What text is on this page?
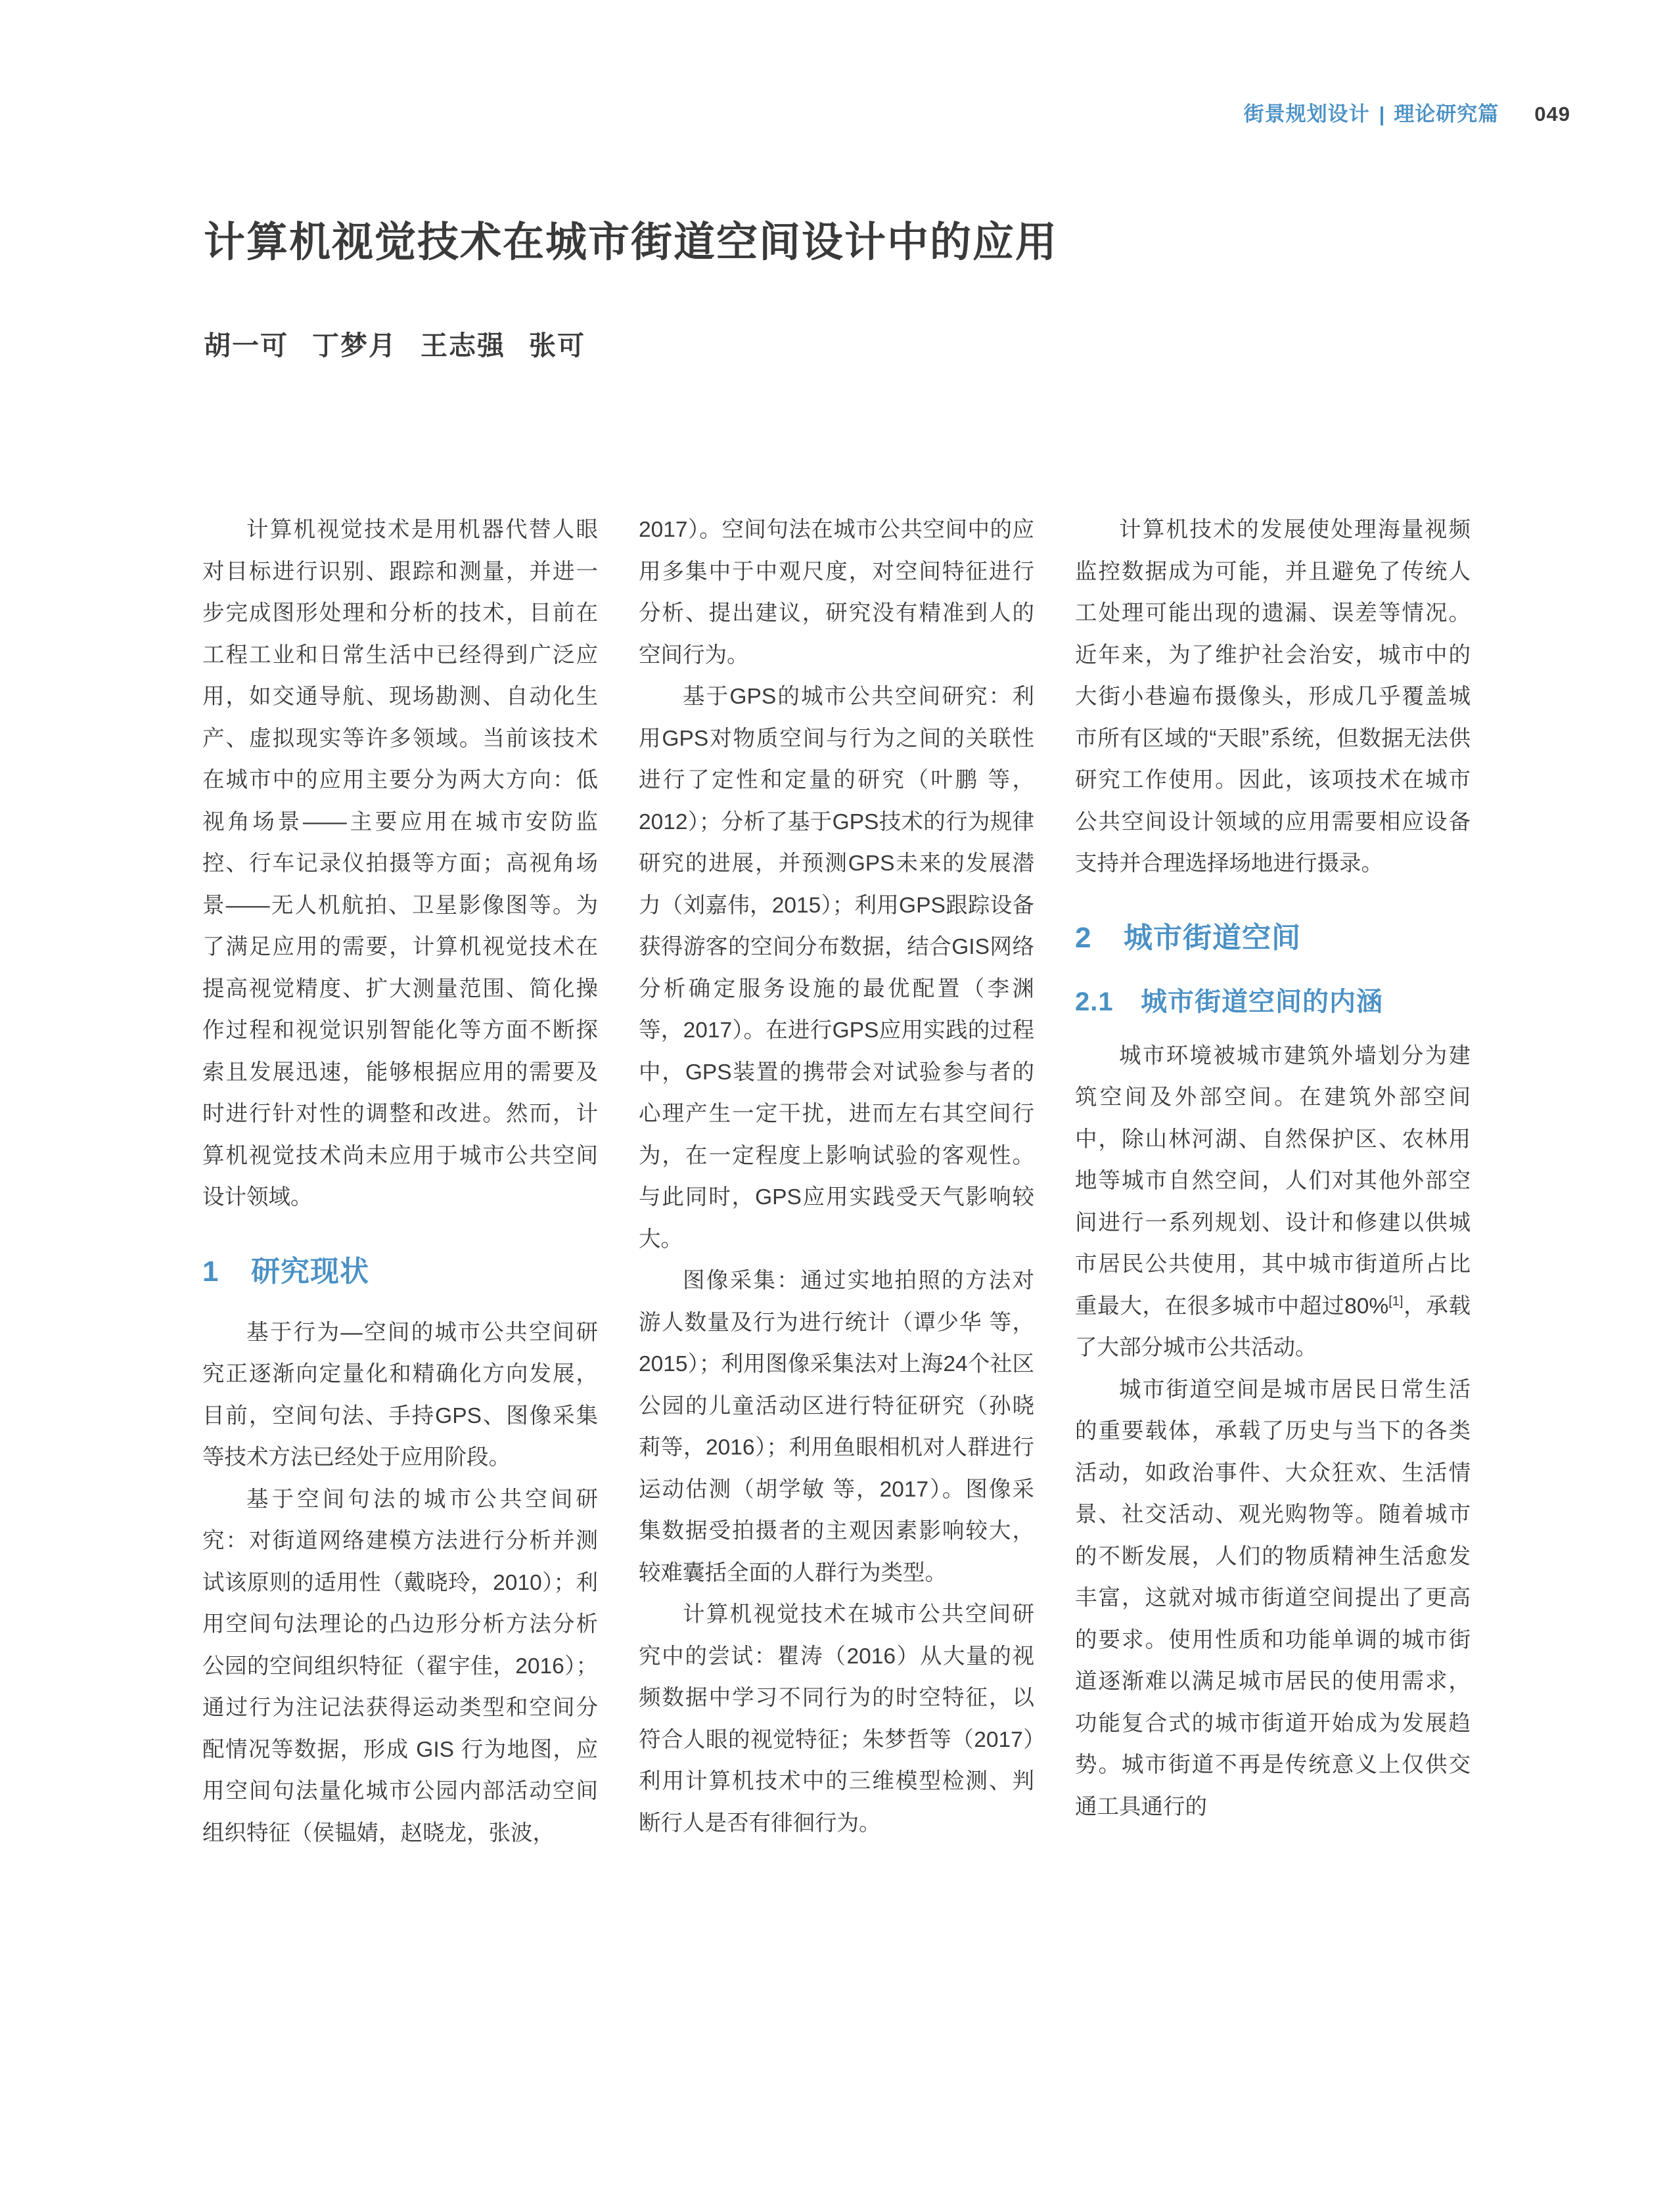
街景规划设计 | 理论研究篇 049
计算机视觉技术在城市街道空间设计中的应用
胡一可 丁梦月 王志强 张可

计算机视觉技术是用机器代替人眼对目标进行识别、跟踪和测量，并进一步完成图形处理和分析的技术，目前在工程工业和日常生活中已经得到广泛应用，如交通导航、现场勘测、自动化生产、虚拟现实等许多领域。当前该技术在城市中的应用主要分为两大方向：低视角场景——主要应用在城市安防监控、行车记录仪拍摄等方面；高视角场景——无人机航拍、卫星影像图等。为了满足应用的需要，计算机视觉技术在提高视觉精度、扩大测量范围、简化操作过程和视觉识别智能化等方面不断探索且发展迅速，能够根据应用的需要及时进行针对性的调整和改进。然而，计算机视觉技术尚未应用于城市公共空间设计领域。

1	研究现状

基于行为—空间的城市公共空间研究正逐渐向定量化和精确化方向发展，目前，空间句法、手持GPS、图像采集等技术方法已经处于应用阶段。

基于空间句法的城市公共空间研究：对街道网络建模方法进行分析并测试该原则的适用性（戴晓玲，2010）；利用空间句法理论的凸边形分析方法分析公园的空间组织特征（翟宇佳，2016）；通过行为注记法获得运动类型和空间分配情况等数据，形成 GIS 行为地图，应用空间句法量化城市公园内部活动空间组织特征（侯韫婧，赵晓龙，张波，

2017）。空间句法在城市公共空间中的应用多集中于中观尺度，对空间特征进行分析、提出建议，研究没有精准到人的空间行为。

基于GPS的城市公共空间研究：利用GPS对物质空间与行为之间的关联性进行了定性和定量的研究（叶鹏 等，2012）；分析了基于GPS技术的行为规律研究的进展，并预测GPS未来的发展潜力（刘嘉伟，2015）；利用GPS跟踪设备获得游客的空间分布数据，结合GIS网络分析确定服务设施的最优配置（李渊 等，2017）。在进行GPS应用实践的过程中，GPS装置的携带会对试验参与者的心理产生一定干扰，进而左右其空间行为，在一定程度上影响试验的客观性。与此同时，GPS应用实践受天气影响较大。

图像采集：通过实地拍照的方法对游人数量及行为进行统计（谭少华 等，2015）；利用图像采集法对上海24个社区公园的儿童活动区进行特征研究（孙晓莉等，2016）；利用鱼眼相机对人群进行运动估测（胡学敏 等，2017）。图像采集数据受拍摄者的主观因素影响较大，较难囊括全面的人群行为类型。

计算机视觉技术在城市公共空间研究中的尝试：瞿涛（2016）从大量的视频数据中学习不同行为的时空特征，以符合人眼的视觉特征；朱梦哲等（2017）利用计算机技术中的三维模型检测、判断行人是否有徘徊行为。

计算机技术的发展使处理海量视频监控数据成为可能，并且避免了传统人工处理可能出现的遗漏、误差等情况。近年来，为了维护社会治安，城市中的大街小巷遍布摄像头，形成几乎覆盖城市所有区域的“天眼”系统，但数据无法供研究工作使用。因此，该项技术在城市公共空间设计领域的应用需要相应设备支持并合理选择场地进行摄录。

2	城市街道空间
2.1	城市街道空间的内涵

城市环境被城市建筑外墙划分为建筑空间及外部空间。在建筑外部空间中，除山林河湖、自然保护区、农林用地等城市自然空间，人们对其他外部空间进行一系列规划、设计和修建以供城市居民公共使用，其中城市街道所占比重最大，在很多城市中超过80%[1]，承载了大部分城市公共活动。

城市街道空间是城市居民日常生活的重要载体，承载了历史与当下的各类活动，如政治事件、大众狂欢、生活情景、社交活动、观光购物等。随着城市的不断发展，人们的物质精神生活愈发丰富，这就对城市街道空间提出了更高的要求。使用性质和功能单调的城市街道逐渐难以满足城市居民的使用需求，功能复合式的城市街道开始成为发展趋势。城市街道不再是传统意义上仅供交通工具通行的
